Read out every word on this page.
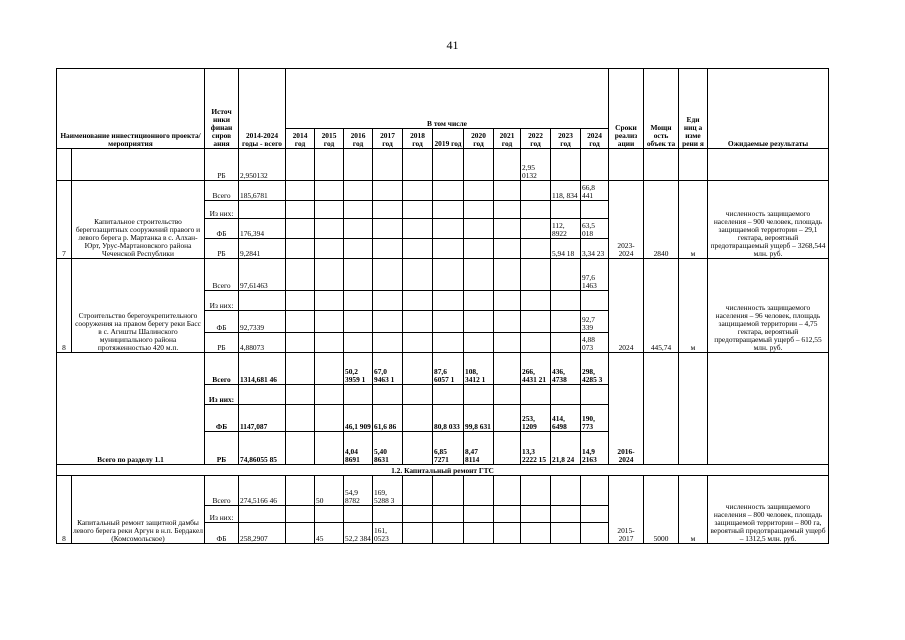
41
Наименование инвестиционного проекта/мероприятия		Источ ники финан сиров ания	2014-2024 годы - всего	В том числе											Сроки реализ ации	Мощн ость объек та	Еди ниц а изме рени я	Ожидаемые результаты
				2014 год	2015 год	2016 год	2017 год	2018 год	2019 год	2020 год	2021 год	2022 год	2023 год	2024 год				
		РБ	2,950132									2,95 0132						
7	Капитальное строительство берегозащитных сооружений правого и левого берега р. Мартанка в с. Алхан-Юрт, Урус-Мартановского района Чеченской Республики	Всего	185,6781										118, 834	66,8 441	2023-2024	2840	м	численность защищаемого населения – 900 человек, площадь защищаемой территории – 29,1 гектара, вероятный предотвращаемый ущерб – 3268,544 млн. руб.
		Из них:																
		ФБ	176,394										112, 8922	63,5 018				
		РБ	9,2841										5,94 18	3,34 23				
8	Строительство берегоукрепительного сооружения на правом берегу реки Басс в с. Агишты Шалинского муниципального района протяженностью 420 м.п.	Всего	97,61463											97,6 1463	2024	445,74	м	численность защищаемого населения – 96 человек, площадь защищаемой территории – 4,75 гектара, вероятный предотвращаемый ущерб – 612,55 млн. руб.
		Из них:																
		ФБ	92,7339											92,7 339				
		РБ	4,88073											4,88 073				
Всего по разделу 1.1		Всего	1314,681 46			50,2 3959 1	67,0 9463 1		87,6 6057 1	108, 3412 1		266, 4431 21	436, 4738	298, 4285 3	2016-2024			
		Из них:																
		ФБ	1147,087			46,1 909	61,6 86		80,8 033	99,8 631		253, 1209	414, 6498	190, 773				
		РБ	74,86055 85			4,04 8691	5,40 8631		6,85 7271	8,47 8114		13,3 2222 15	21,8 24	14,9 2163				
1.2. Капитальный ремонт ГТС																		
8	Капитальный ремонт защитной дамбы левого берега реки Аргун в н.п. Бердакел (Комсомольское)	Всего	274,5166 46		50	54,9 8782	169, 5288 3								2015-2017	5000	м	численность защищаемого населения – 800 человек, площадь защищаемой территории – 800 га, вероятный предотвращаемый ущерб – 1312,5 млн. руб.
		Из них:																
		ФБ	258,2907		45	52,2 384	161, 0523											
